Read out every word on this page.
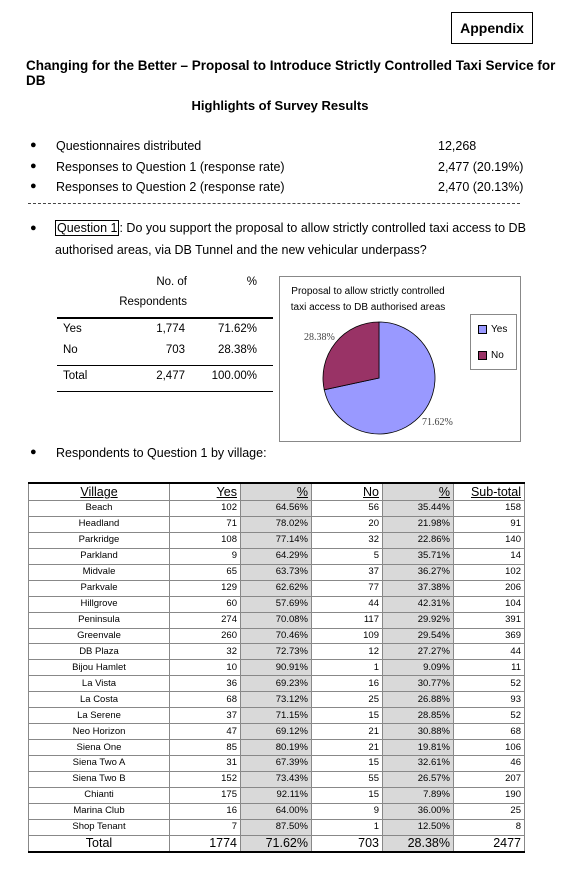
Appendix
Changing for the Better – Proposal to Introduce Strictly Controlled Taxi Service for DB
Highlights of Survey Results
● Questionnaires distributed	12,268
● Responses to Question 1 (response rate)	2,477 (20.19%)
● Responses to Question 2 (response rate)	2,470 (20.13%)
● Question 1 : Do you support the proposal to allow strictly controlled taxi access to DB authorised areas, via DB Tunnel and the new vehicular underpass?
No. of	%
Respondents
Yes	1,774	71.62%
No	703	28.38%
Total	2,477 100.00%
Proposal to allow strictly controlled taxi access to DB authorised areas
28.38%
71.62%
Yes
No
● Respondents to Question 1 by village:
Village	Yes	%	No	%	Sub-total
Beach	102	64.56%	56	35.44%	158
Headland	71	78.02%	20	21.98%	91
Parkridge	108	77.14%	32	22.86%	140
Parkland	9	64.29%	5	35.71%	14
Midvale	65	63.73%	37	36.27%	102
Parkvale	129	62.62%	77	37.38%	206
Hillgrove	60	57.69%	44	42.31%	104
Peninsula	274	70.08%	117	29.92%	391
Greenvale	260	70.46%	109	29.54%	369
DB Plaza	32	72.73%	12	27.27%	44
Bijou Hamlet	10	90.91%	1	9.09%	11
La Vista	36	69.23%	16	30.77%	52
La Costa	68	73.12%	25	26.88%	93
La Serene	37	71.15%	15	28.85%	52
Neo Horizon	47	69.12%	21	30.88%	68
Siena One	85	80.19%	21	19.81%	106
Siena Two A	31	67.39%	15	32.61%	46
Siena Two B	152	73.43%	55	26.57%	207
Chianti	175	92.11%	15	7.89%	190
Marina Club	16	64.00%	9	36.00%	25
Shop Tenant	7	87.50%	1	12.50%	8
Total	1774	71.62%	703	28.38%	2477
